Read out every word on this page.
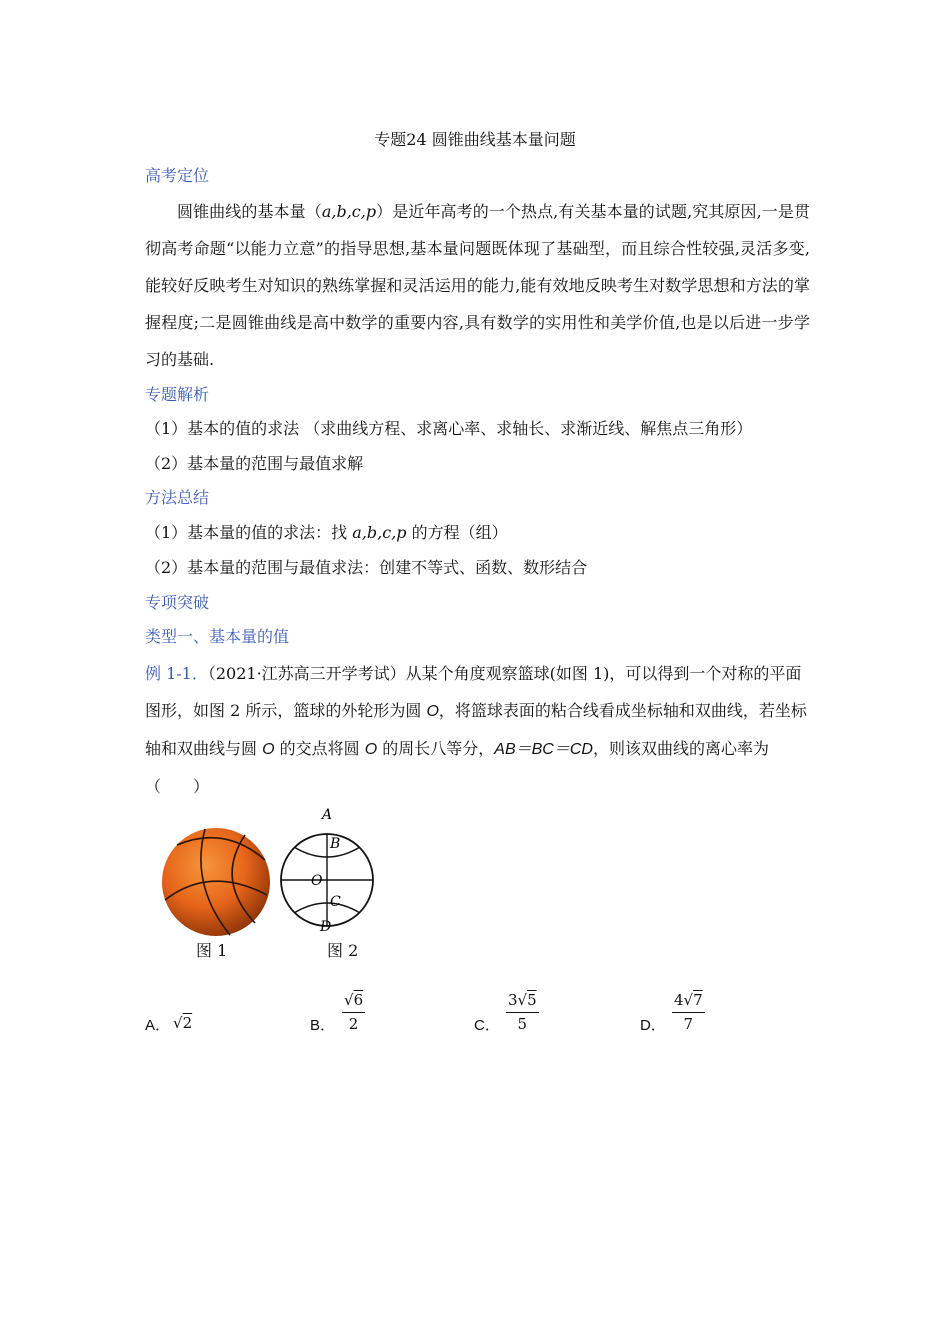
专题24 圆锥曲线基本量问题
高考定位
圆锥曲线的基本量（a,b,c,p）是近年高考的一个热点,有关基本量的试题,究其原因,一是贯彻高考命题“以能力立意”的指导思想,基本量问题既体现了基础型，而且综合性较强,灵活多变,能较好反映考生对知识的熟练掌握和灵活运用的能力,能有效地反映考生对数学思想和方法的掌握程度;二是圆锥曲线是高中数学的重要内容,具有数学的实用性和美学价值,也是以后进一步学习的基础.
专题解析
（1）基本的值的求法 （求曲线方程、求离心率、求轴长、求渐近线、解焦点三角形）
（2）基本量的范围与最值求解
方法总结
（1）基本量的值的求法：找 a,b,c,p 的方程（组）
（2）基本量的范围与最值求法：创建不等式、函数、数形结合
专项突破
类型一、基本量的值
例 1-1．（2021·江苏高三开学考试）从某个角度观察篮球(如图 1)，可以得到一个对称的平面图形，如图 2 所示，篮球的外轮形为圆 O，将篮球表面的粘合线看成坐标轴和双曲线，若坐标轴和双曲线与圆 O 的交点将圆 O 的周长八等分，AB＝BC＝CD，则该双曲线的离心率为（　　）
A
B
O
C
D
图 1	图 2
A． √2	B．
√6
2	C．
3√5
5	D．
4√7
7
